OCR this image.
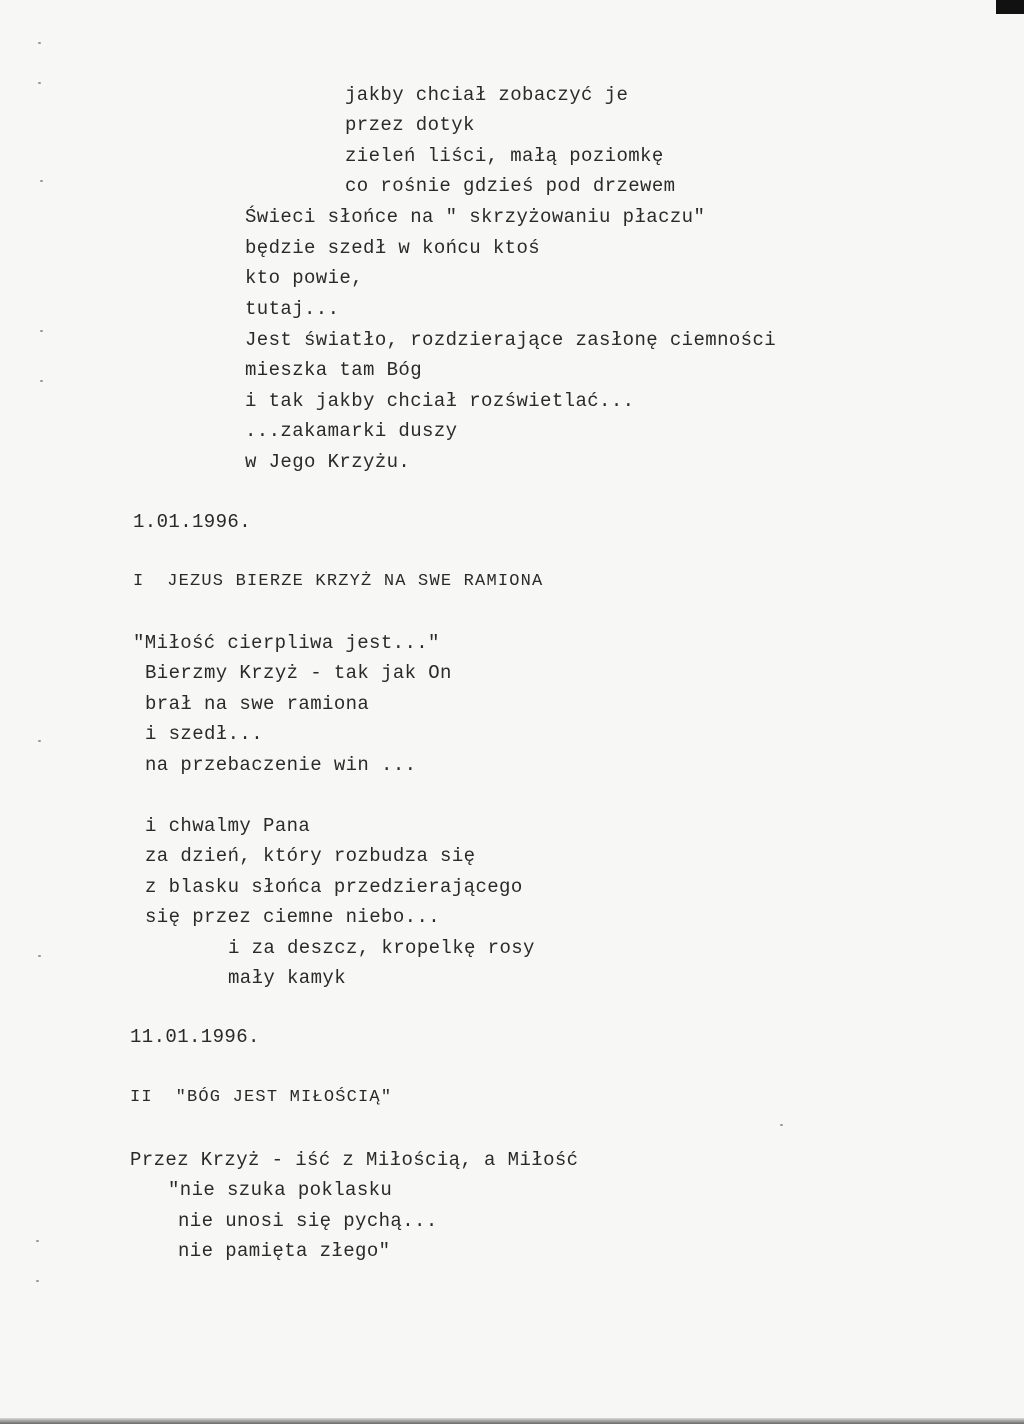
jakby chciał zobaczyć je
przez dotyk
zieleń liści, małą poziomkę
co rośnie gdzieś pod drzewem
Świeci słońce na " skrzyżowaniu płaczu"
będzie szedł w końcu ktoś
kto powie,
tutaj...
Jest światło, rozdzierające zasłonę ciemności
mieszka tam Bóg
i tak jakby chciał rozświetlać...
...zakamarki duszy
w Jego Krzyżu.
1.01.1996.
I  JEZUS BIERZE KRZYŻ NA SWE RAMIONA
"Miłość cierpliwa jest..."
Bierzmy Krzyż - tak jak On
brał na swe ramiona
i szedł...
na przebaczenie win ...
i chwalmy Pana
za dzień, który rozbudza się
z blasku słońca przedzierającego
się przez ciemne niebo...
i za deszcz, kropelkę rosy
mały kamyk
11.01.1996.
II  "BÓG JEST MIŁOŚCIĄ"
Przez Krzyż - iść z Miłością, a Miłość
"nie szuka poklasku
nie unosi się pychą...
nie pamięta złego"
